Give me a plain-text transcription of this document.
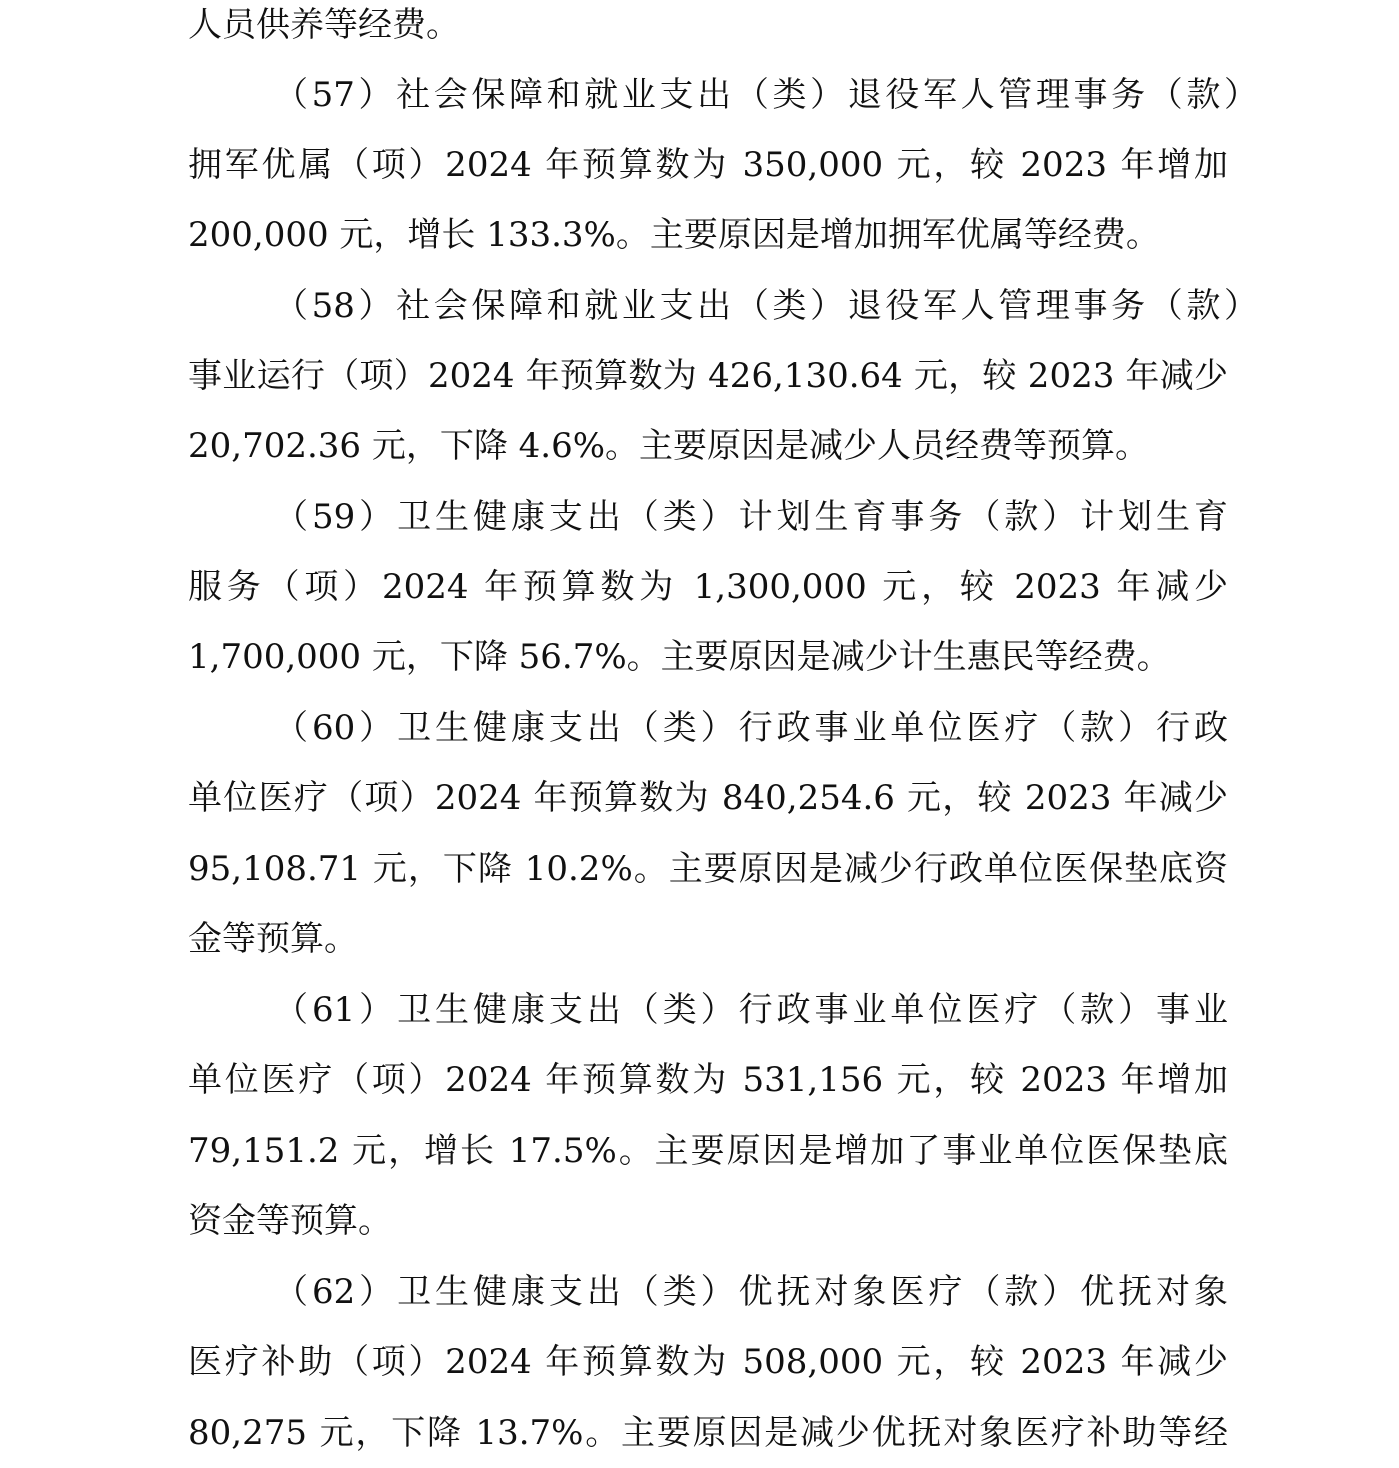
人员供养等经费。
（57）社会保障和就业支出（类）退役军人管理事务（款）
拥军优属（项）2024 年预算数为 350,000 元，较 2023 年增加
200,000 元，增长 133.3%。主要原因是增加拥军优属等经费。
（58）社会保障和就业支出（类）退役军人管理事务（款）
事业运行（项）2024 年预算数为 426,130.64 元，较 2023 年减少
20,702.36 元，下降 4.6%。主要原因是减少人员经费等预算。
（59）卫生健康支出（类）计划生育事务（款）计划生育
服务（项）2024 年预算数为 1,300,000 元，较 2023 年减少
1,700,000 元，下降 56.7%。主要原因是减少计生惠民等经费。
（60）卫生健康支出（类）行政事业单位医疗（款）行政
单位医疗（项）2024 年预算数为 840,254.6 元，较 2023 年减少
95,108.71 元，下降 10.2%。主要原因是减少行政单位医保垫底资
金等预算。
（61）卫生健康支出（类）行政事业单位医疗（款）事业
单位医疗（项）2024 年预算数为 531,156 元，较 2023 年增加
79,151.2 元，增长 17.5%。主要原因是增加了事业单位医保垫底
资金等预算。
（62）卫生健康支出（类）优抚对象医疗（款）优抚对象
医疗补助（项）2024 年预算数为 508,000 元，较 2023 年减少
80,275 元，下降 13.7%。主要原因是减少优抚对象医疗补助等经
